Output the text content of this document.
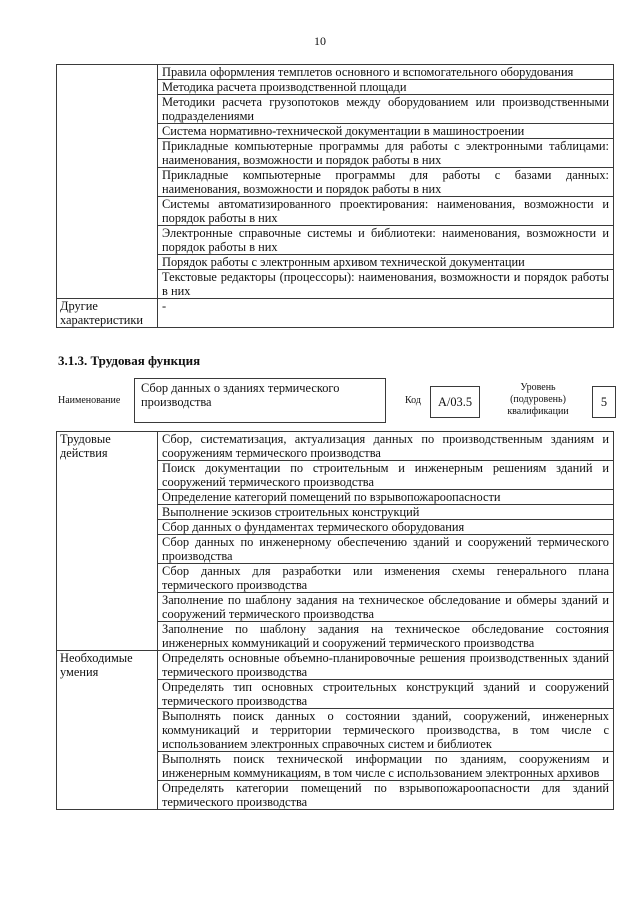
10
	Правила оформления темплетов основного и вспомогательного оборудования
	Методика расчета производственной площади
	Методики расчета грузопотоков между оборудованием или производственными подразделениями
	Система нормативно-технической документации в машиностроении
	Прикладные компьютерные программы для работы с электронными таблицами: наименования, возможности и порядок работы в них
	Прикладные компьютерные программы для работы с базами данных: наименования, возможности и порядок работы в них
	Системы автоматизированного проектирования: наименования, возможности и порядок работы в них
	Электронные справочные системы и библиотеки: наименования, возможности и порядок работы в них
	Порядок работы с электронным архивом технической документации
	Текстовые редакторы (процессоры): наименования, возможности и порядок работы в них
Другие характеристики	-
3.1.3. Трудовая функция
Наименование
Сбор данных о зданиях термического производства	Код	А/03.5
Уровень (подуровень) квалификации
5
Трудовые действия	Сбор, систематизация, актуализация данных по производственным зданиям и сооружениям термического производства
	Поиск документации по строительным и инженерным решениям зданий и сооружений термического производства
	Определение категорий помещений по взрывопожароопасности
	Выполнение эскизов строительных конструкций
	Сбор данных о фундаментах термического оборудования
	Сбор данных по инженерному обеспечению зданий и сооружений термического производства
	Сбор данных для разработки или изменения схемы генерального плана термического производства
	Заполнение по шаблону задания на техническое обследование и обмеры зданий и сооружений термического производства
	Заполнение по шаблону задания на техническое обследование состояния инженерных коммуникаций и сооружений термического производства
Необходимые умения	Определять основные объемно-планировочные решения производственных зданий термического производства
	Определять тип основных строительных конструкций зданий и сооружений термического производства
	Выполнять поиск данных о состоянии зданий, сооружений, инженерных коммуникаций и территории термического производства, в том числе с использованием электронных справочных систем и библиотек
	Выполнять поиск технической информации по зданиям, сооружениям и инженерным коммуникациям, в том числе с использованием электронных архивов
	Определять категории помещений по взрывопожароопасности для зданий термического производства
